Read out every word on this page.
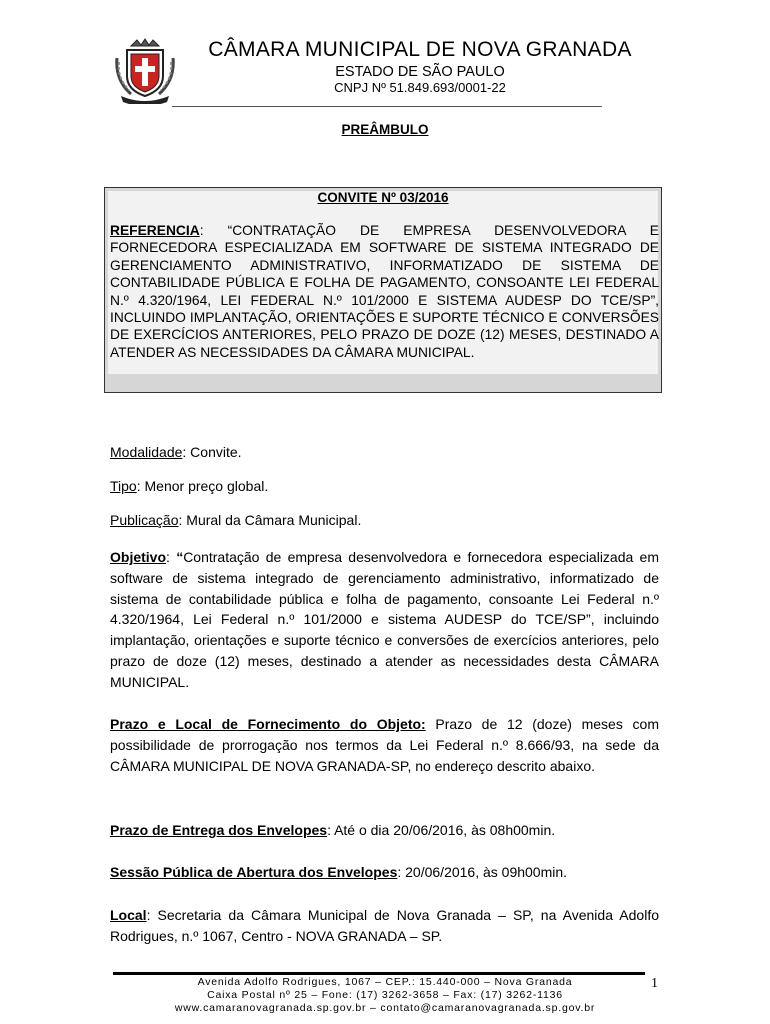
CÂMARA MUNICIPAL DE NOVA GRANADA
ESTADO DE SÃO PAULO
CNPJ Nº 51.849.693/0001-22
PREÂMBULO
CONVITE Nº 03/2016
REFERENCIA: “CONTRATAÇÃO DE EMPRESA DESENVOLVEDORA E FORNECEDORA ESPECIALIZADA EM SOFTWARE DE SISTEMA INTEGRADO DE GERENCIAMENTO ADMINISTRATIVO, INFORMATIZADO DE SISTEMA DE CONTABILIDADE PÚBLICA E FOLHA DE PAGAMENTO, CONSOANTE LEI FEDERAL N.º 4.320/1964, LEI FEDERAL N.º 101/2000 E SISTEMA AUDESP DO TCE/SP”, INCLUINDO IMPLANTAÇÃO, ORIENTAÇÕES E SUPORTE TÉCNICO E CONVERSÕES DE EXERCÍCIOS ANTERIORES, PELO PRAZO DE DOZE (12) MESES, DESTINADO A ATENDER AS NECESSIDADES DA CÂMARA MUNICIPAL.
Modalidade: Convite.
Tipo: Menor preço global.
Publicação: Mural da Câmara Municipal.
Objetivo: “Contratação de empresa desenvolvedora e fornecedora especializada em software de sistema integrado de gerenciamento administrativo, informatizado de sistema de contabilidade pública e folha de pagamento, consoante Lei Federal n.º 4.320/1964, Lei Federal n.º 101/2000 e sistema AUDESP do TCE/SP”, incluindo implantação, orientações e suporte técnico e conversões de exercícios anteriores, pelo prazo de doze (12) meses, destinado a atender as necessidades desta CÂMARA MUNICIPAL.
Prazo e Local de Fornecimento do Objeto: Prazo de 12 (doze) meses com possibilidade de prorrogação nos termos da Lei Federal n.º 8.666/93, na sede da CÂMARA MUNICIPAL DE NOVA GRANADA-SP, no endereço descrito abaixo.
Prazo de Entrega dos Envelopes: Até o dia 20/06/2016, às 08h00min.
Sessão Pública de Abertura dos Envelopes: 20/06/2016, às 09h00min.
Local: Secretaria da Câmara Municipal de Nova Granada – SP, na Avenida Adolfo Rodrigues, n.º 1067, Centro - NOVA GRANADA – SP.
Avenida Adolfo Rodrigues, 1067 – CEP.: 15.440-000 – Nova Granada
Caixa Postal nº 25 – Fone: (17) 3262-3658 – Fax: (17) 3262-1136
www.camaranovagranada.sp.gov.br – contato@camaranovagranada.sp.gov.br
1
